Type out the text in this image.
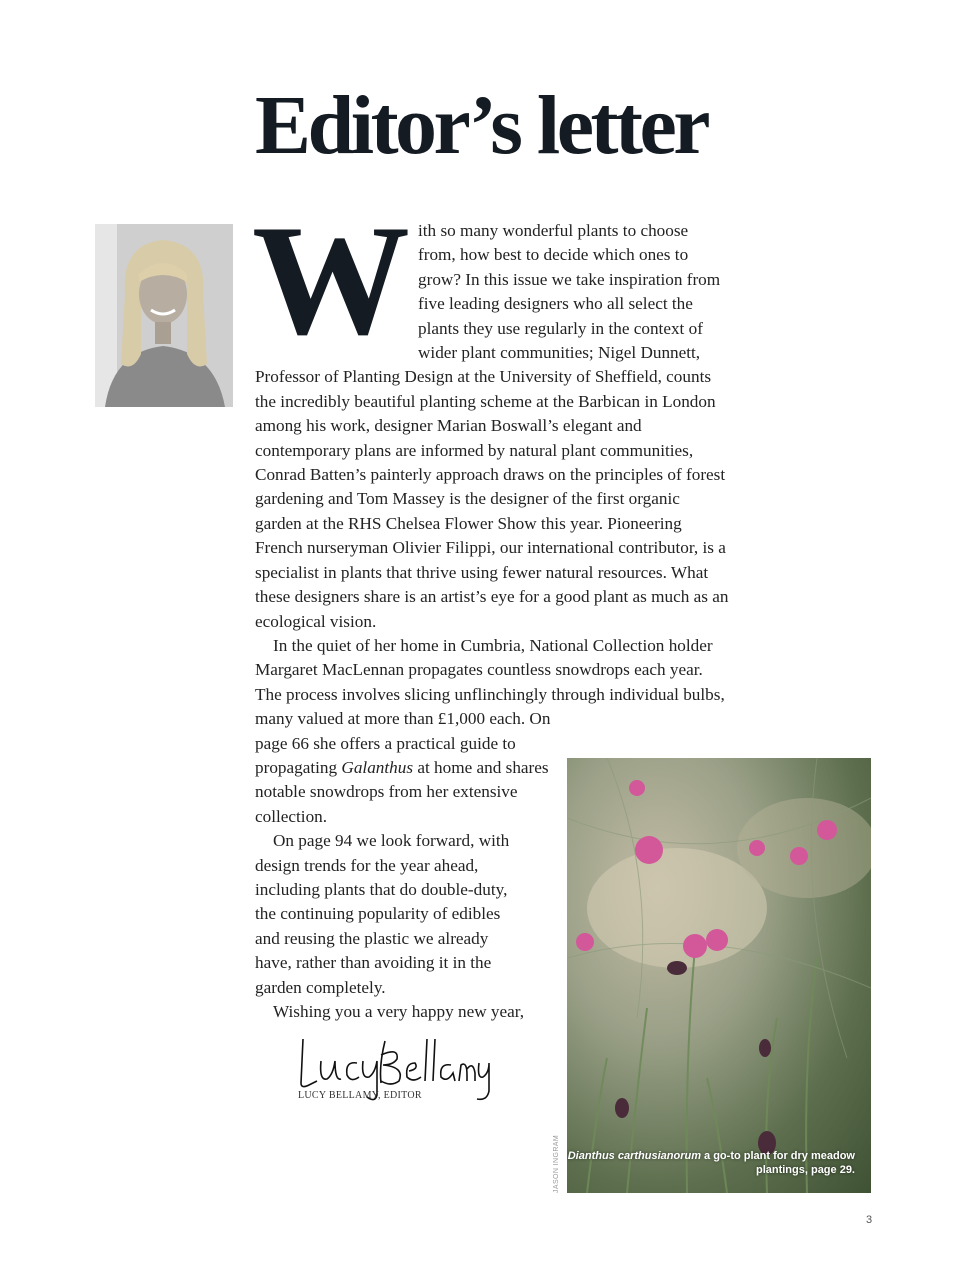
Editor’s letter
W ith so many wonderful plants to choose from, how best to decide which ones to grow? In this issue we take inspiration from five leading designers who all select the plants they use regularly in the context of wider plant communities; Nigel Dunnett, Professor of Planting Design at the University of Sheffield, counts the incredibly beautiful planting scheme at the Barbican in London among his work, designer Marian Boswall’s elegant and contemporary plans are informed by natural plant communities, Conrad Batten’s painterly approach draws on the principles of forest gardening and Tom Massey is the designer of the first organic garden at the RHS Chelsea Flower Show this year. Pioneering French nurseryman Olivier Filippi, our international contributor, is a specialist in plants that thrive using fewer natural resources. What these designers share is an artist’s eye for a good plant as much as an ecological vision.

In the quiet of her home in Cumbria, National Collection holder Margaret MacLennan propagates countless snowdrops each year. The process involves slicing unflinchingly through individual bulbs, many valued at more than £1,000 each. On

page 66 she offers a practical guide to propagating Galanthus at home and shares notable snowdrops from her extensive collection.

On page 94 we look forward, with design trends for the year ahead, including plants that do double-duty, the continuing popularity of edibles and reusing the plastic we already have, rather than avoiding it in the garden completely.

Wishing you a very happy new year,

LUCY BELLAMY, EDITOR
Dianthus carthusianorum a go-to plant for dry meadow plantings, page 29.
JASON INGRAM
3
